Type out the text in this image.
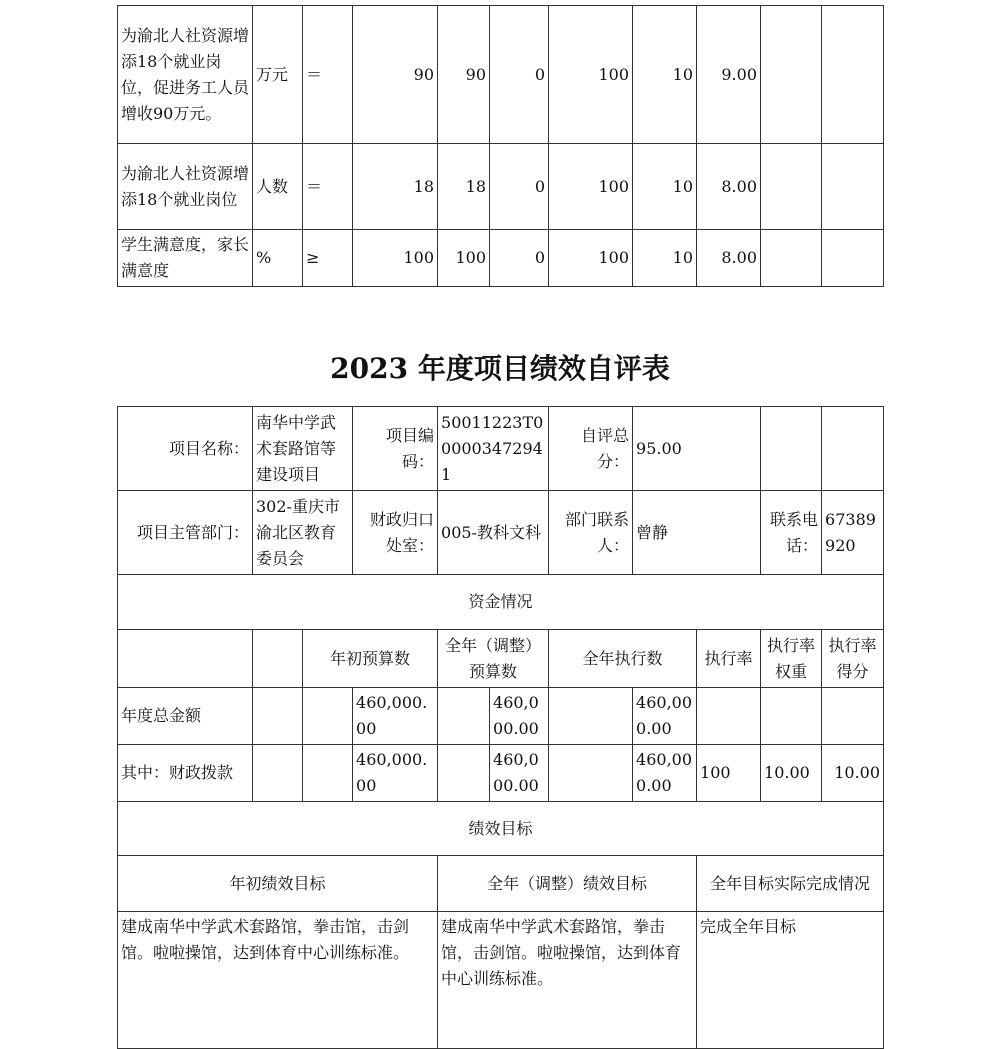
为渝北人社资源增添18个就业岗位，促进务工人员增收90万元。	万元	＝	90	90	0	100	10	9.00		
为渝北人社资源增添18个就业岗位	人数	＝	18	18	0	100	10	8.00		
学生满意度，家长满意度	%	≥	100	100	0	100	10	8.00		
2023 年度项目绩效自评表
项目名称：	南华中学武术套路馆等建设项目		项目编码：	50011223T000003472941		自评总分：	95.00			
项目主管部门：	302-重庆市渝北区教育委员会		财政归口处室：	005-教科文科		部门联系人：	曾静		联系电话：	67389920
资金情况										
		年初预算数		全年（调整）预算数		全年执行数		执行率	执行率权重	执行率得分
年度总金额			460,000.00		460,000.00		460,000.00			
其中：财政拨款			460,000.00		460,000.00		460,000.00	100	10.00	10.00
绩效目标										
年初绩效目标				全年（调整）绩效目标				全年目标实际完成情况		
建成南华中学武术套路馆，拳击馆，击剑馆。啦啦操馆，达到体育中心训练标准。				建成南华中学武术套路馆，拳击馆，击剑馆。啦啦操馆，达到体育中心训练标准。				完成全年目标		
